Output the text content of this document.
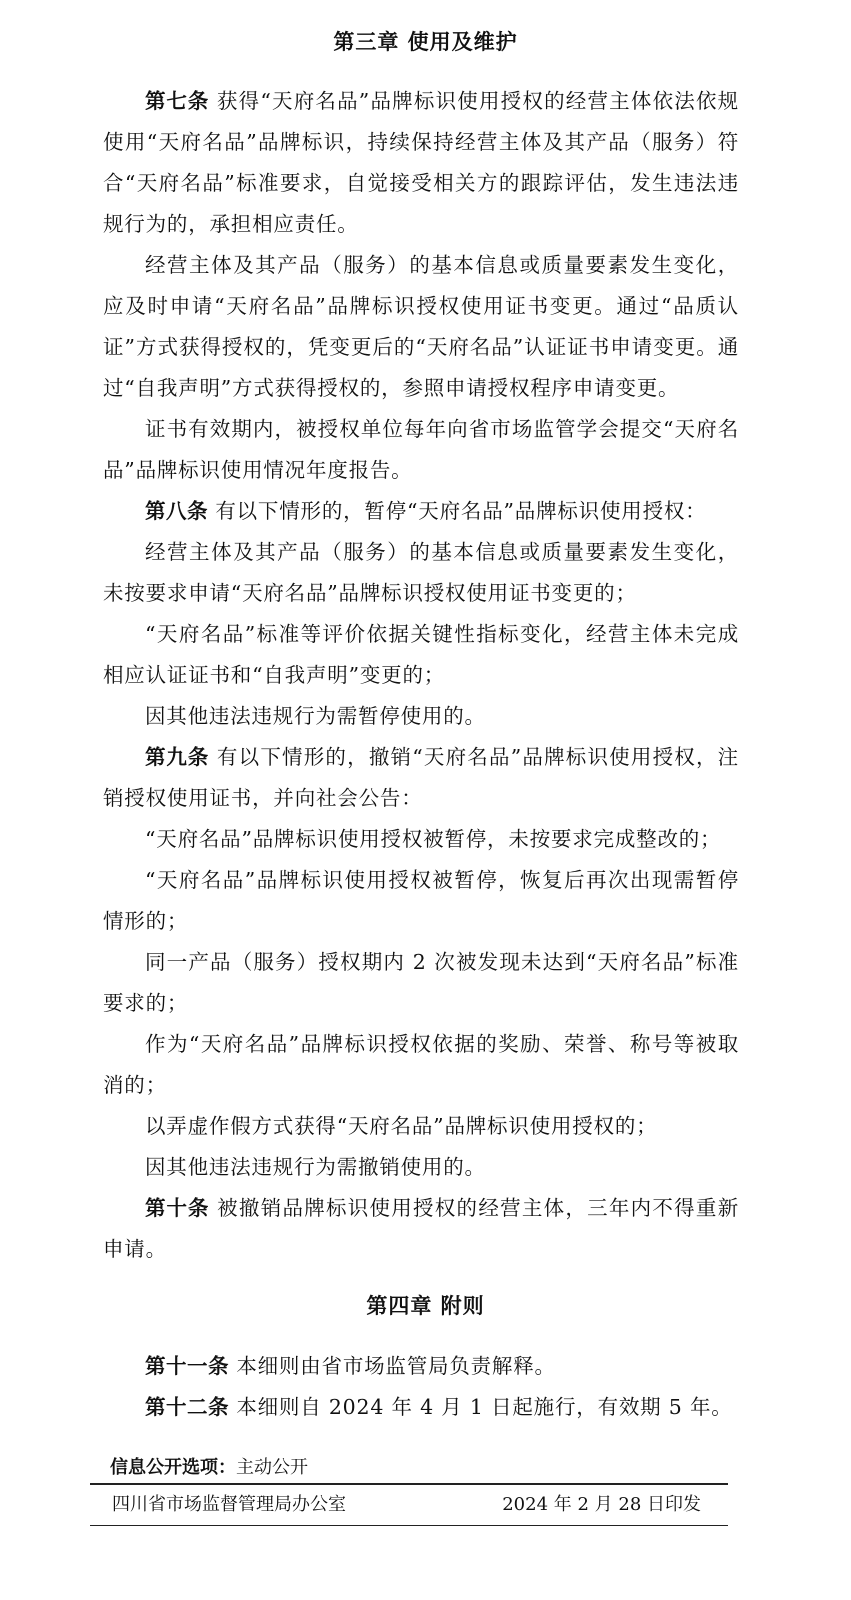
第三章 使用及维护

第七条 获得“天府名品”品牌标识使用授权的经营主体依法依规使用“天府名品”品牌标识，持续保持经营主体及其产品（服务）符合“天府名品”标准要求，自觉接受相关方的跟踪评估，发生违法违规行为的，承担相应责任。

经营主体及其产品（服务）的基本信息或质量要素发生变化，应及时申请“天府名品”品牌标识授权使用证书变更。通过“品质认证”方式获得授权的，凭变更后的“天府名品”认证证书申请变更。通过“自我声明”方式获得授权的，参照申请授权程序申请变更。

证书有效期内，被授权单位每年向省市场监管学会提交“天府名品”品牌标识使用情况年度报告。

第八条 有以下情形的，暂停“天府名品”品牌标识使用授权：

经营主体及其产品（服务）的基本信息或质量要素发生变化，未按要求申请“天府名品”品牌标识授权使用证书变更的；

“天府名品”标准等评价依据关键性指标变化，经营主体未完成相应认证证书和“自我声明”变更的；

因其他违法违规行为需暂停使用的。

第九条 有以下情形的，撤销“天府名品”品牌标识使用授权，注销授权使用证书，并向社会公告：

“天府名品”品牌标识使用授权被暂停，未按要求完成整改的；

“天府名品”品牌标识使用授权被暂停，恢复后再次出现需暂停情形的；

同一产品（服务）授权期内 2 次被发现未达到“天府名品”标准要求的；

作为“天府名品”品牌标识授权依据的奖励、荣誉、称号等被取消的；

以弄虚作假方式获得“天府名品”品牌标识使用授权的；

因其他违法违规行为需撤销使用的。

第十条 被撤销品牌标识使用授权的经营主体，三年内不得重新申请。

第四章 附则

第十一条 本细则由省市场监管局负责解释。

第十二条 本细则自 2024 年 4 月 1 日起施行，有效期 5 年。

信息公开选项：主动公开
四川省市场监督管理局办公室	2024 年 2 月 28 日印发
